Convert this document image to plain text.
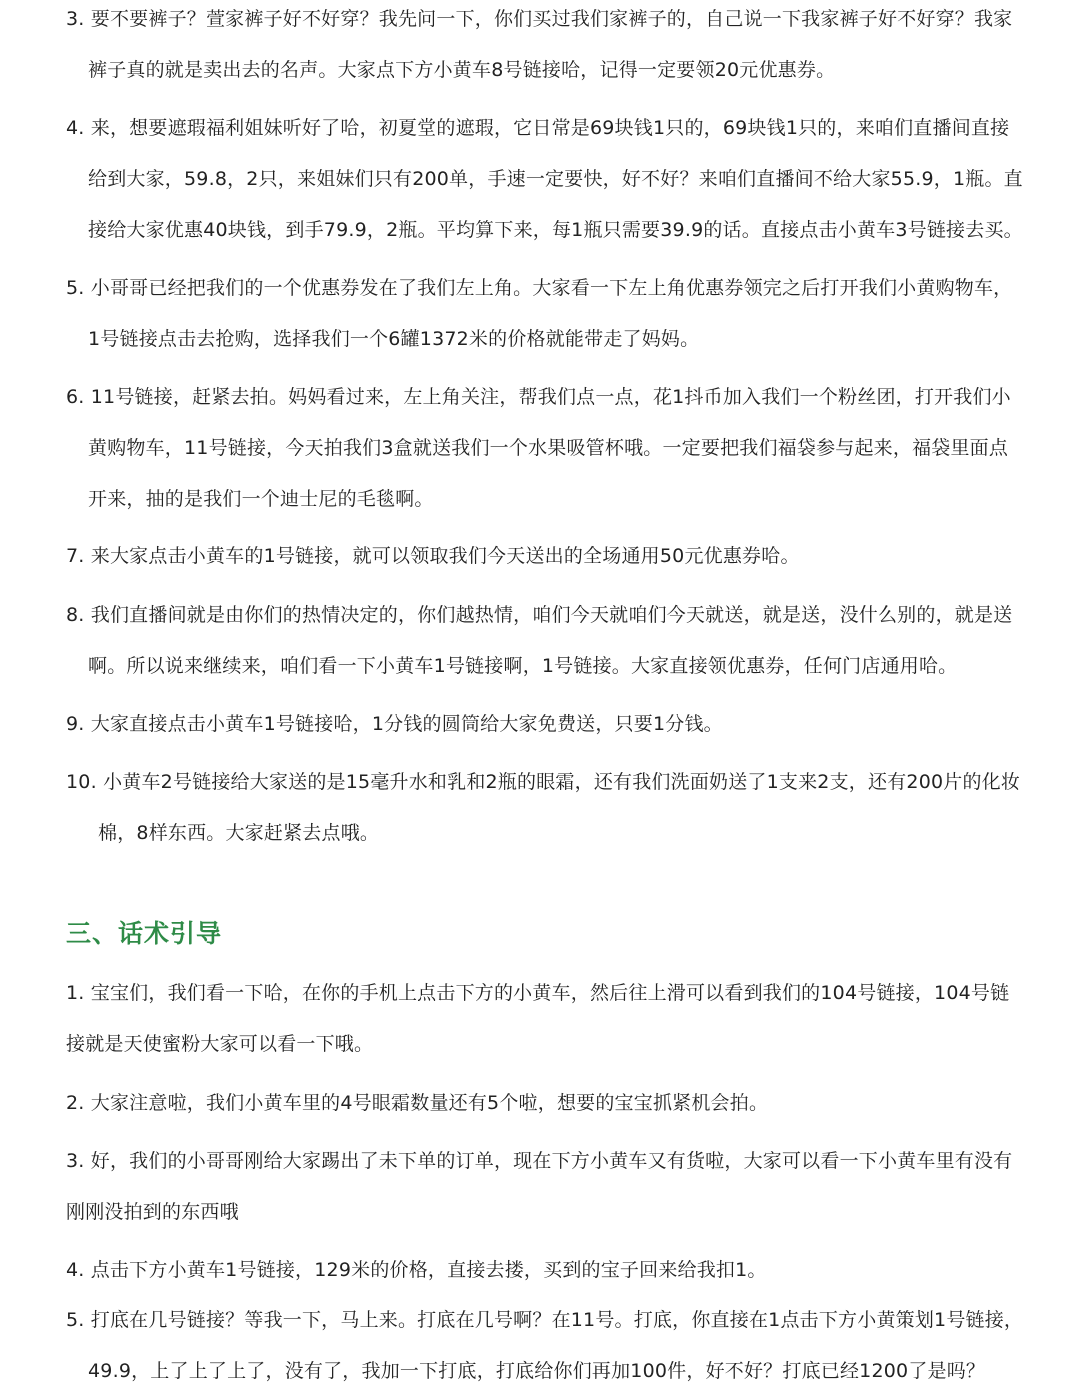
3. 要不要裤子？萱家裤子好不好穿？我先问一下，你们买过我们家裤子的，自己说一下我家裤子好不好穿？我家
裤子真的就是卖出去的名声。大家点下方小黄车8号链接哈，记得一定要领20元优惠券。
4. 来，想要遮瑕福利姐妹听好了哈，初夏堂的遮瑕，它日常是69块钱1只的，69块钱1只的，来咱们直播间直接
给到大家，59.8，2只，来姐妹们只有200单，手速一定要快，好不好？来咱们直播间不给大家55.9，1瓶。直
接给大家优惠40块钱，到手79.9，2瓶。平均算下来，每1瓶只需要39.9的话。直接点击小黄车3号链接去买。
5. 小哥哥已经把我们的一个优惠券发在了我们左上角。大家看一下左上角优惠券领完之后打开我们小黄购物车，
1号链接点击去抢购，选择我们一个6罐1372米的价格就能带走了妈妈。
6. 11号链接，赶紧去拍。妈妈看过来，左上角关注，帮我们点一点，花1抖币加入我们一个粉丝团，打开我们小
黄购物车，11号链接，今天拍我们3盒就送我们一个水果吸管杯哦。一定要把我们福袋参与起来，福袋里面点
开来，抽的是我们一个迪士尼的毛毯啊。
7. 来大家点击小黄车的1号链接，就可以领取我们今天送出的全场通用50元优惠券哈。
8. 我们直播间就是由你们的热情决定的，你们越热情，咱们今天就咱们今天就送，就是送，没什么别的，就是送
啊。所以说来继续来，咱们看一下小黄车1号链接啊，1号链接。大家直接领优惠券，任何门店通用哈。
9. 大家直接点击小黄车1号链接哈，1分钱的圆筒给大家免费送，只要1分钱。
10. 小黄车2号链接给大家送的是15毫升水和乳和2瓶的眼霜，还有我们洗面奶送了1支来2支，还有200片的化妆
棉，8样东西。大家赶紧去点哦。
三、话术引导
1. 宝宝们，我们看一下哈，在你的手机上点击下方的小黄车，然后往上滑可以看到我们的104号链接，104号链
接就是天使蜜粉大家可以看一下哦。
2. 大家注意啦，我们小黄车里的4号眼霜数量还有5个啦，想要的宝宝抓紧机会拍。
3. 好，我们的小哥哥刚给大家踢出了未下单的订单，现在下方小黄车又有货啦，大家可以看一下小黄车里有没有
刚刚没拍到的东西哦
4. 点击下方小黄车1号链接，129米的价格，直接去搂，买到的宝子回来给我扣1。
5. 打底在几号链接？等我一下，马上来。打底在几号啊？在11号。打底，你直接在1点击下方小黄策划1号链接，
49.9，上了上了上了，没有了，我加一下打底，打底给你们再加100件，好不好？打底已经1200了是吗？
